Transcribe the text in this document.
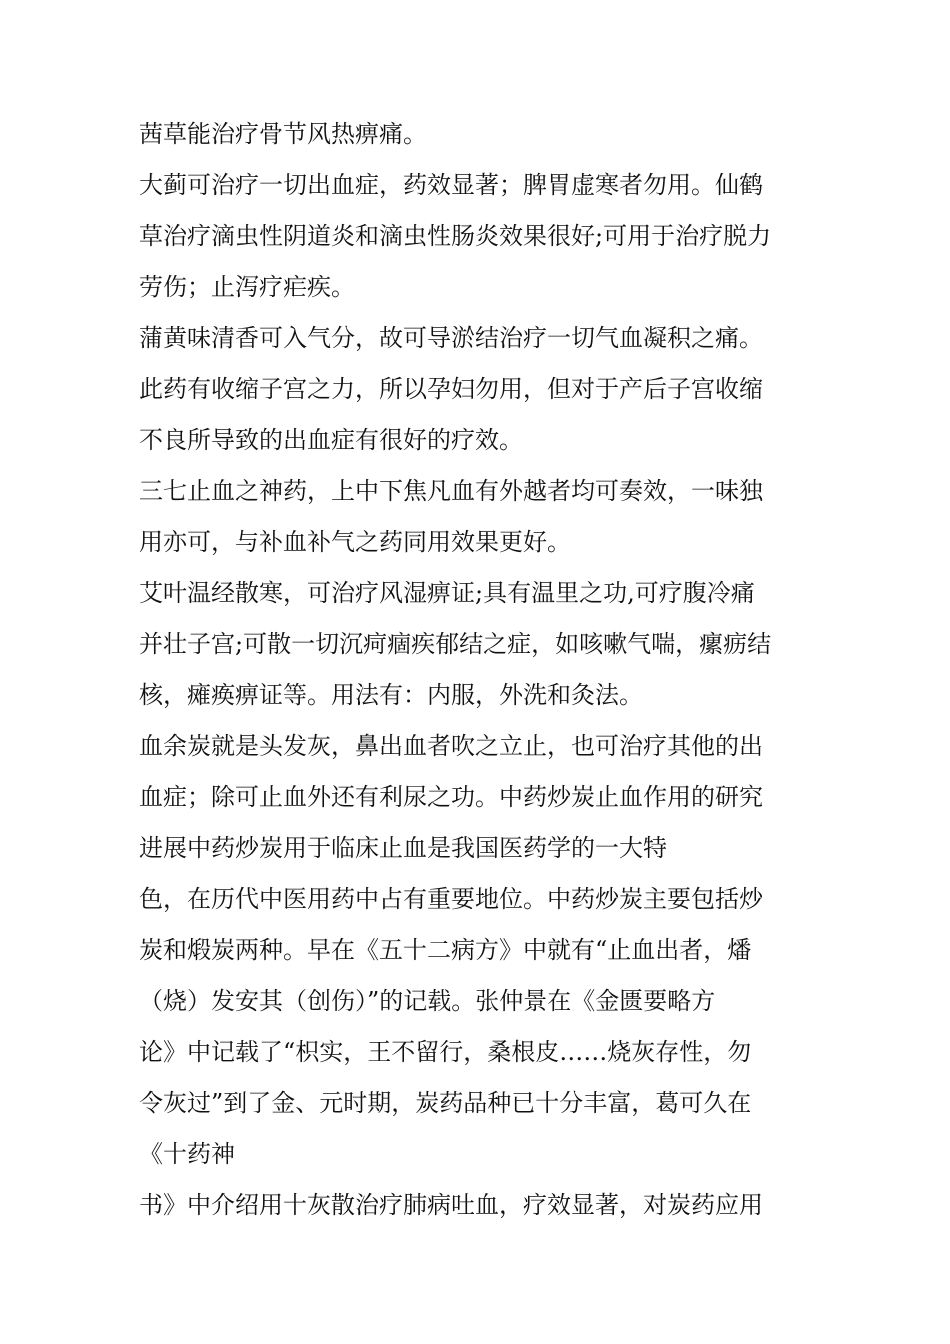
茜草能治疗骨节风热痹痛。
大蓟可治疗一切出血症，药效显著；脾胃虚寒者勿用。仙鹤
草治疗滴虫性阴道炎和滴虫性肠炎效果很好;可用于治疗脱力
劳伤；止泻疗疟疾。
蒲黄味清香可入气分，故可导淤结治疗一切气血凝积之痛。
此药有收缩子宫之力，所以孕妇勿用，但对于产后子宫收缩
不良所导致的出血症有很好的疗效。
三七止血之神药，上中下焦凡血有外越者均可奏效，一味独
用亦可，与补血补气之药同用效果更好。
艾叶温经散寒，可治疗风湿痹证;具有温里之功,可疗腹冷痛
并壮子宫;可散一切沉疴痼疾郁结之症，如咳嗽气喘，瘰疬结
核，瘫痪痹证等。用法有：内服，外洗和灸法。
血余炭就是头发灰，鼻出血者吹之立止，也可治疗其他的出
血症；除可止血外还有利尿之功。中药炒炭止血作用的研究
进展中药炒炭用于临床止血是我国医药学的一大特
色，在历代中医用药中占有重要地位。中药炒炭主要包括炒
炭和煅炭两种。早在《五十二病方》中就有“止血出者，燔
（烧）发安其（创伤）”的记载。张仲景在《金匮要略方
论》中记载了“枳实，王不留行，桑根皮……烧灰存性，勿
令灰过”到了金、元时期，炭药品种已十分丰富，葛可久在
《十药神
书》中介绍用十灰散治疗肺病吐血，疗效显著，对炭药应用
